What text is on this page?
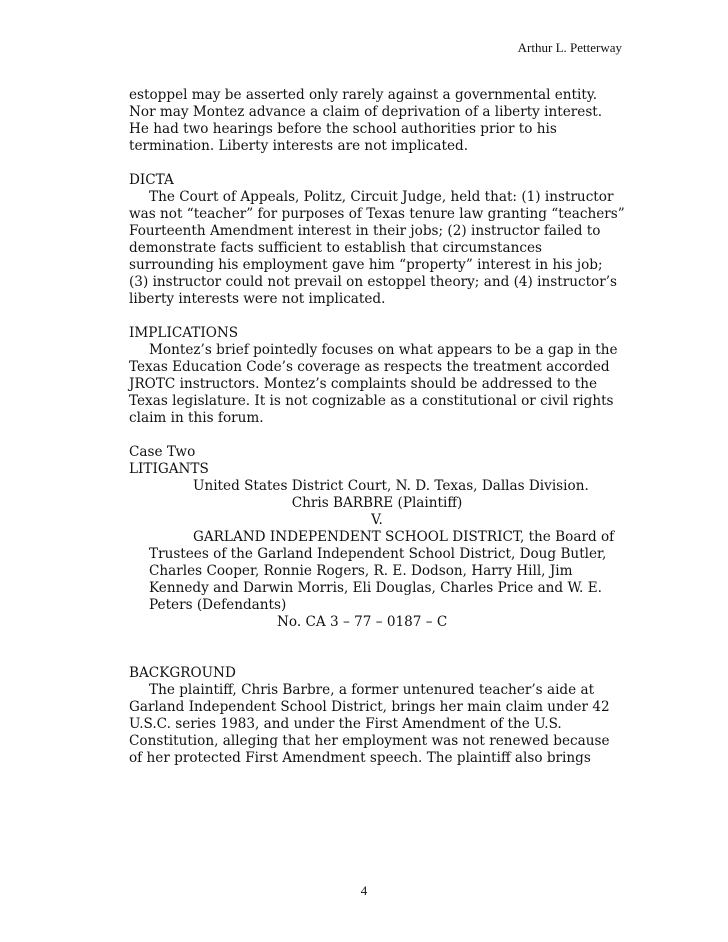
Arthur L. Petterway

estoppel may be asserted only rarely against a governmental entity. Nor may Montez advance a claim of deprivation of a liberty interest. He had two hearings before the school authorities prior to his termination. Liberty interests are not implicated.

DICTA

The Court of Appeals, Politz, Circuit Judge, held that: (1) instructor was not “teacher” for purposes of Texas tenure law granting “teachers” Fourteenth Amendment interest in their jobs; (2) instructor failed to demonstrate facts sufficient to establish that circumstances surrounding his employment gave him “property” interest in his job; (3) instructor could not prevail on estoppel theory; and (4) instructor’s liberty interests were not implicated.

IMPLICATIONS

Montez’s brief pointedly focuses on what appears to be a gap in the Texas Education Code’s coverage as respects the treatment accorded JROTC instructors. Montez’s complaints should be addressed to the Texas legislature. It is not cognizable as a constitutional or civil rights claim in this forum.

Case Two

LITIGANTS

United States District Court, N. D. Texas, Dallas Division.

Chris BARBRE (Plaintiff)

V.

GARLAND INDEPENDENT SCHOOL DISTRICT, the Board of

Trustees of the Garland Independent School District, Doug Butler, Charles Cooper, Ronnie Rogers, R. E. Dodson, Harry Hill, Jim Kennedy and Darwin Morris, Eli Douglas, Charles Price and W. E. Peters (Defendants)

No. CA 3 – 77 – 0187 – C

BACKGROUND

The plaintiff, Chris Barbre, a former untenured teacher’s aide at Garland Independent School District, brings her main claim under 42 U.S.C. series 1983, and under the First Amendment of the U.S. Constitution, alleging that her employment was not renewed because of her protected First Amendment speech. The plaintiff also brings

4
